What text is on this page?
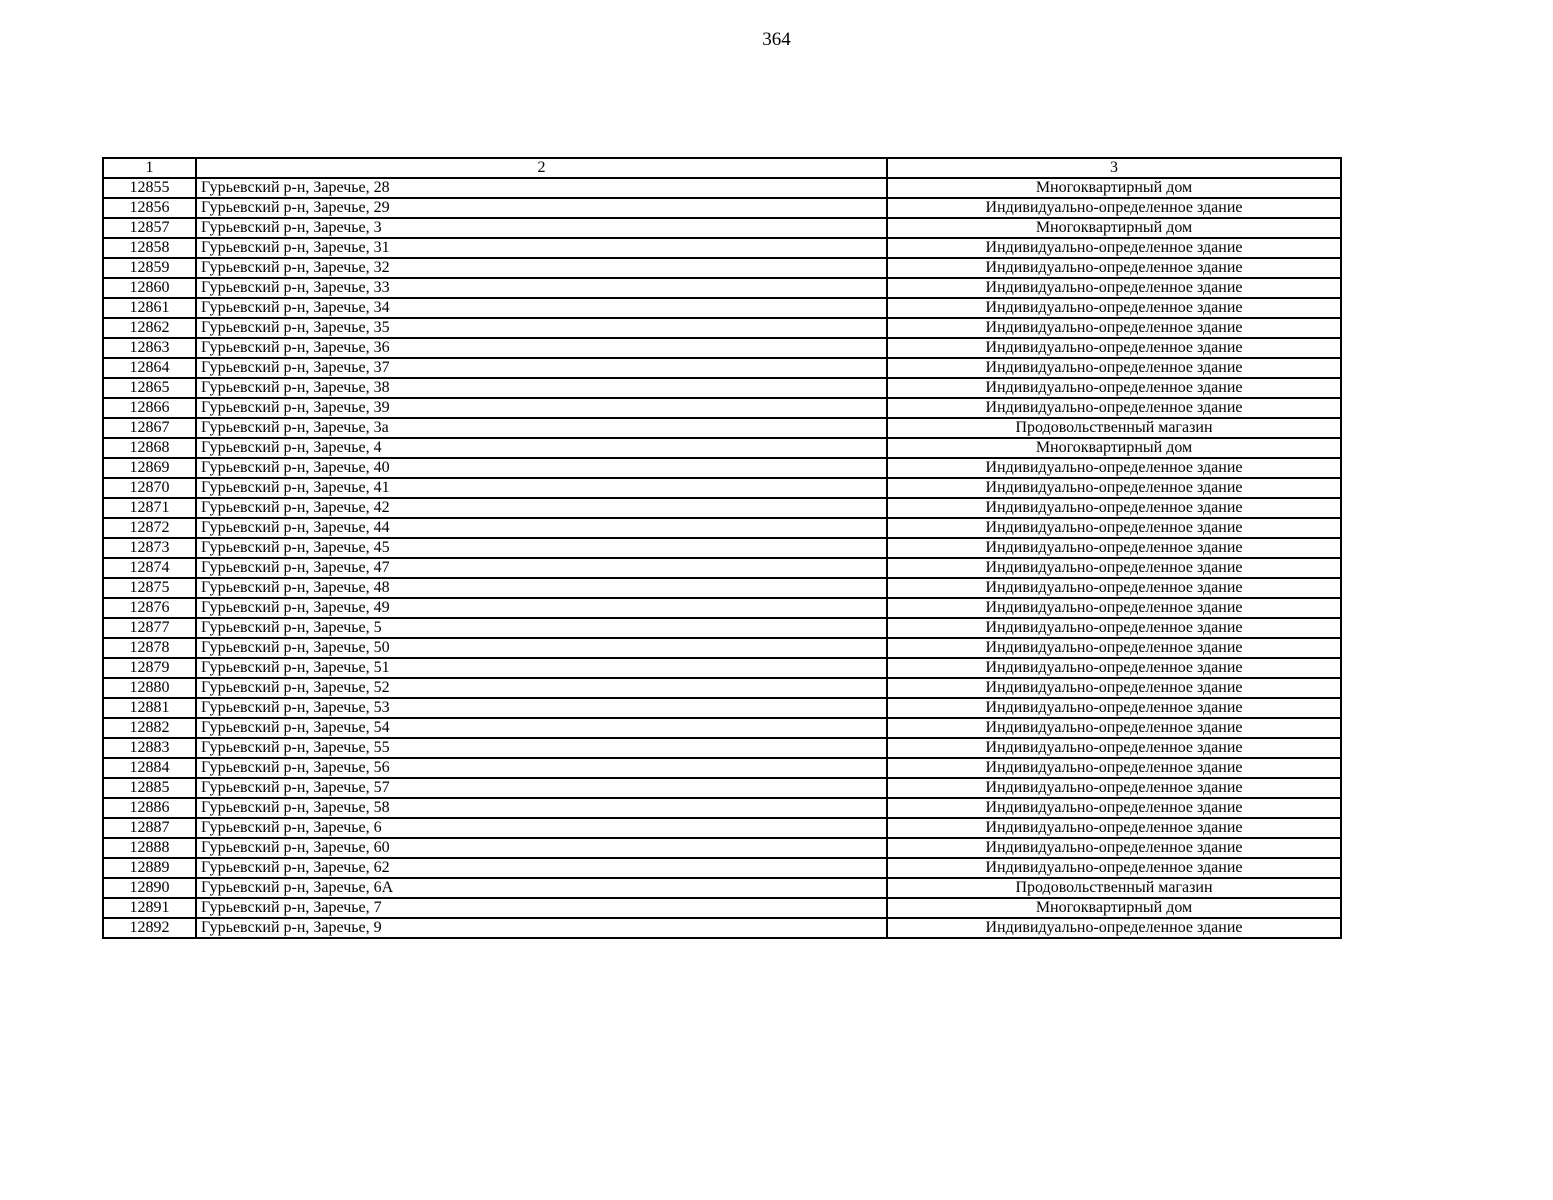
364
1	2	3
12855	Гурьевский р-н, Заречье, 28	Многоквартирный дом
12856	Гурьевский р-н, Заречье, 29	Индивидуально-определенное здание
12857	Гурьевский р-н, Заречье, 3	Многоквартирный дом
12858	Гурьевский р-н, Заречье, 31	Индивидуально-определенное здание
12859	Гурьевский р-н, Заречье, 32	Индивидуально-определенное здание
12860	Гурьевский р-н, Заречье, 33	Индивидуально-определенное здание
12861	Гурьевский р-н, Заречье, 34	Индивидуально-определенное здание
12862	Гурьевский р-н, Заречье, 35	Индивидуально-определенное здание
12863	Гурьевский р-н, Заречье, 36	Индивидуально-определенное здание
12864	Гурьевский р-н, Заречье, 37	Индивидуально-определенное здание
12865	Гурьевский р-н, Заречье, 38	Индивидуально-определенное здание
12866	Гурьевский р-н, Заречье, 39	Индивидуально-определенное здание
12867	Гурьевский р-н, Заречье, 3а	Продовольственный магазин
12868	Гурьевский р-н, Заречье, 4	Многоквартирный дом
12869	Гурьевский р-н, Заречье, 40	Индивидуально-определенное здание
12870	Гурьевский р-н, Заречье, 41	Индивидуально-определенное здание
12871	Гурьевский р-н, Заречье, 42	Индивидуально-определенное здание
12872	Гурьевский р-н, Заречье, 44	Индивидуально-определенное здание
12873	Гурьевский р-н, Заречье, 45	Индивидуально-определенное здание
12874	Гурьевский р-н, Заречье, 47	Индивидуально-определенное здание
12875	Гурьевский р-н, Заречье, 48	Индивидуально-определенное здание
12876	Гурьевский р-н, Заречье, 49	Индивидуально-определенное здание
12877	Гурьевский р-н, Заречье, 5	Индивидуально-определенное здание
12878	Гурьевский р-н, Заречье, 50	Индивидуально-определенное здание
12879	Гурьевский р-н, Заречье, 51	Индивидуально-определенное здание
12880	Гурьевский р-н, Заречье, 52	Индивидуально-определенное здание
12881	Гурьевский р-н, Заречье, 53	Индивидуально-определенное здание
12882	Гурьевский р-н, Заречье, 54	Индивидуально-определенное здание
12883	Гурьевский р-н, Заречье, 55	Индивидуально-определенное здание
12884	Гурьевский р-н, Заречье, 56	Индивидуально-определенное здание
12885	Гурьевский р-н, Заречье, 57	Индивидуально-определенное здание
12886	Гурьевский р-н, Заречье, 58	Индивидуально-определенное здание
12887	Гурьевский р-н, Заречье, 6	Индивидуально-определенное здание
12888	Гурьевский р-н, Заречье, 60	Индивидуально-определенное здание
12889	Гурьевский р-н, Заречье, 62	Индивидуально-определенное здание
12890	Гурьевский р-н, Заречье, 6А	Продовольственный магазин
12891	Гурьевский р-н, Заречье, 7	Многоквартирный дом
12892	Гурьевский р-н, Заречье, 9	Индивидуально-определенное здание
